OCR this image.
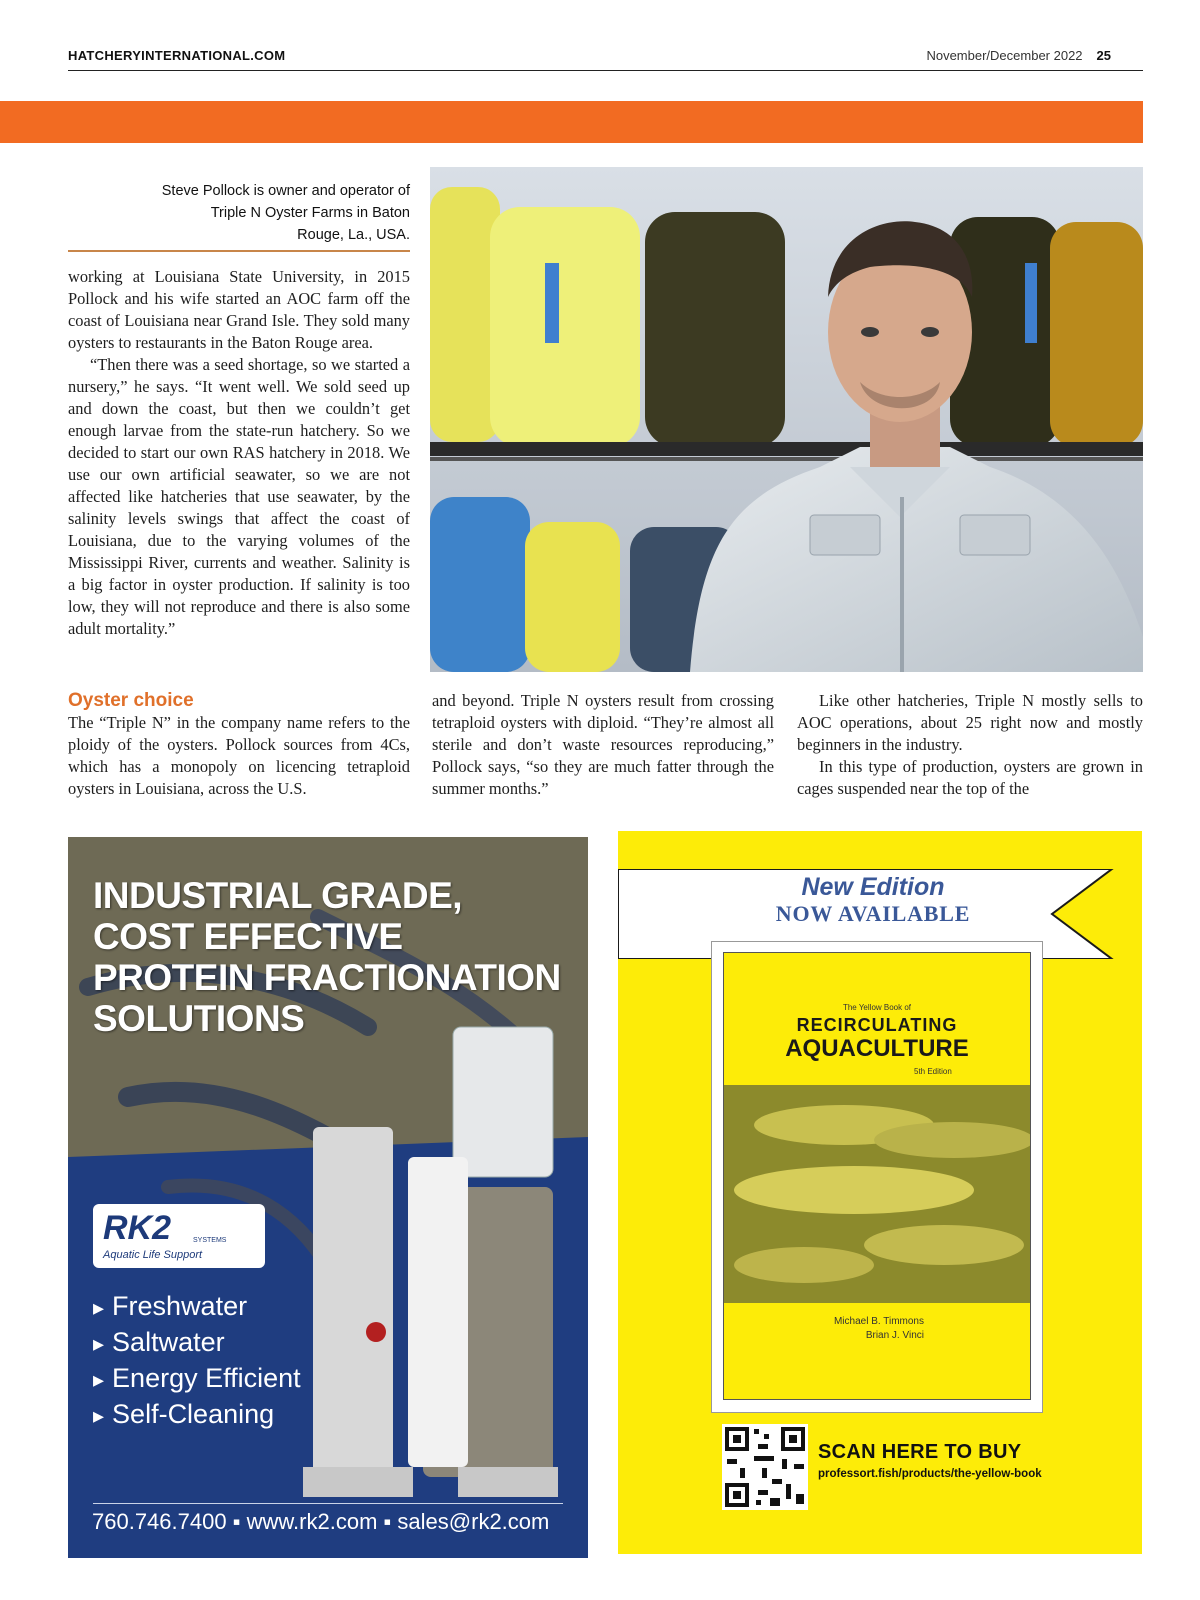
HATCHERYINTERNATIONAL.COM	November/December 2022 25
Steve Pollock is owner and operator of Triple N Oyster Farms in Baton Rouge, La., USA.

working at Louisiana State University, in 2015 Pollock and his wife started an AOC farm off the coast of Louisiana near Grand Isle. They sold many oysters to restaurants in the Baton Rouge area.

“Then there was a seed shortage, so we started a nursery,” he says. “It went well. We sold seed up and down the coast, but then we couldn’t get enough larvae from the state-run hatchery. So we decided to start our own RAS hatchery in 2018. We use our own artificial seawater, so we are not affected like hatcheries that use seawater, by the salinity levels swings that affect the coast of Louisiana, due to the varying volumes of the Mississippi River, currents and weather. Salinity is a big factor in oyster production. If salinity is too low, they will not reproduce and there is also some adult mortality.”

Oyster choice

The “Triple N” in the company name refers to the ploidy of the oysters. Pollock sources from 4Cs, which has a monopoly on licencing tetraploid oysters in Louisiana, across the U.S.

and beyond. Triple N oysters result from crossing tetraploid oysters with diploid. “They’re almost all sterile and don’t waste resources reproducing,” Pollock says, “so they are much fatter through the summer months.”

Like other hatcheries, Triple N mostly sells to AOC operations, about 25 right now and mostly beginners in the industry.

In this type of production, oysters are grown in cages suspended near the top of the

INDUSTRIAL GRADE,
COST EFFECTIVE
PROTEIN FRACTIONATION
SOLUTIONS
RK2	SYSTEMS
Aquatic Life Support
▸ Freshwater
▸ Saltwater
▸ Energy Efficient
▸ Self-Cleaning
760.746.7400 ▪ www.rk2.com ▪ sales@rk2.com
New Edition
NOW AVAILABLE
The Yellow Book of
RECIRCULATING
AQUACULTURE
5th Edition
Michael B. Timmons
Brian J. Vinci
SCAN HERE TO BUY
professort.fish/products/the-yellow-book
